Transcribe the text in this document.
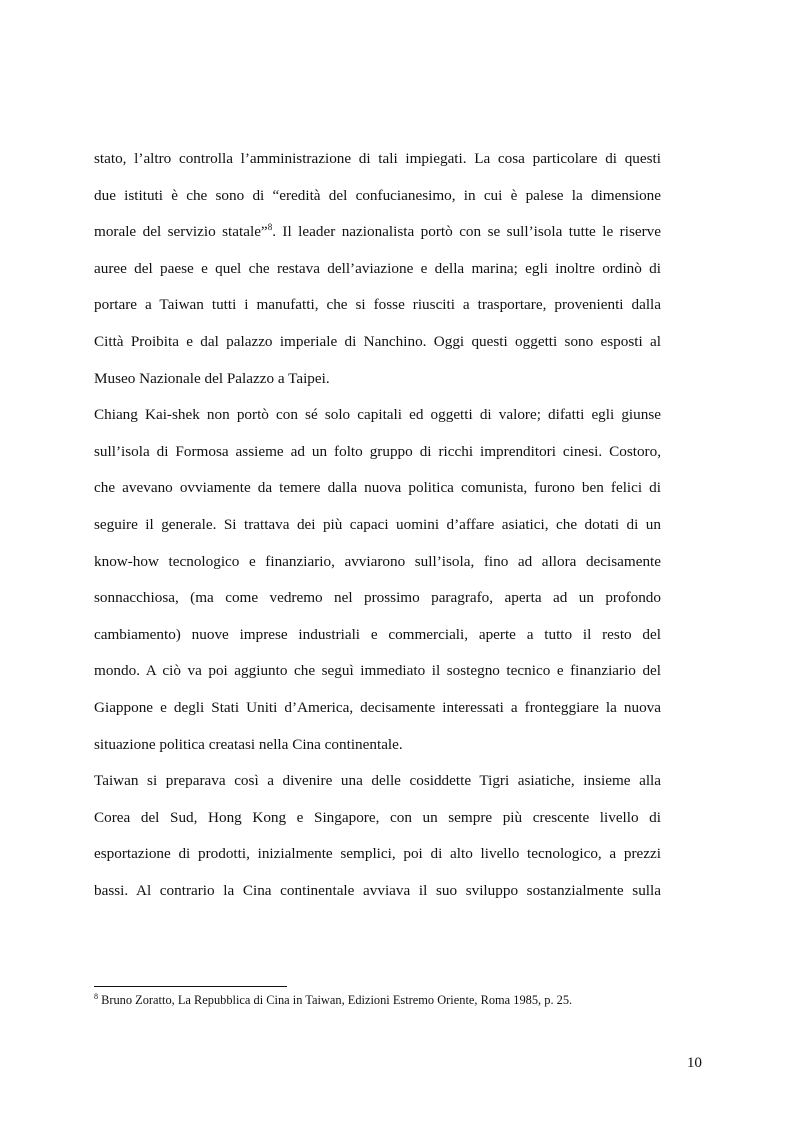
stato, l’altro controlla l’amministrazione di tali impiegati. La cosa particolare di questi
due istituti è che sono di “eredità del confucianesimo, in cui è palese la dimensione
morale del servizio statale”$^8$. Il leader nazionalista portò con se sull’isola tutte le riserve
auree del paese e quel che restava dell’aviazione e della marina; egli inoltre ordinò di
portare a Taiwan tutti i manufatti, che si fosse riusciti a trasportare, provenienti dalla
Città Proibita e dal palazzo imperiale di Nanchino. Oggi questi oggetti sono esposti al
Museo Nazionale del Palazzo a Taipei.
Chiang Kai-shek non portò con sé solo capitali ed oggetti di valore; difatti egli giunse
sull’isola di Formosa assieme ad un folto gruppo di ricchi imprenditori cinesi. Costoro,
che avevano ovviamente da temere dalla nuova politica comunista, furono ben felici di
seguire il generale. Si trattava dei più capaci uomini d’affare asiatici, che dotati di un
know-how tecnologico e finanziario, avviarono sull’isola, fino ad allora decisamente
sonnacchiosa, (ma come vedremo nel prossimo paragrafo, aperta ad un profondo
cambiamento) nuove imprese industriali e commerciali, aperte a tutto il resto del
mondo. A ciò va poi aggiunto che seguì immediato il sostegno tecnico e finanziario del
Giappone e degli Stati Uniti d’America, decisamente interessati a fronteggiare la nuova
situazione politica creatasi nella Cina continentale.
Taiwan si preparava così a divenire una delle cosiddette Tigri asiatiche, insieme alla
Corea del Sud, Hong Kong e Singapore, con un sempre più crescente livello di
esportazione di prodotti, inizialmente semplici, poi di alto livello tecnologico, a prezzi
bassi. Al contrario la Cina continentale avviava il suo sviluppo sostanzialmente sulla
$^8$ Bruno Zoratto, La Repubblica di Cina in Taiwan, Edizioni Estremo Oriente, Roma 1985, p. 25.
10
